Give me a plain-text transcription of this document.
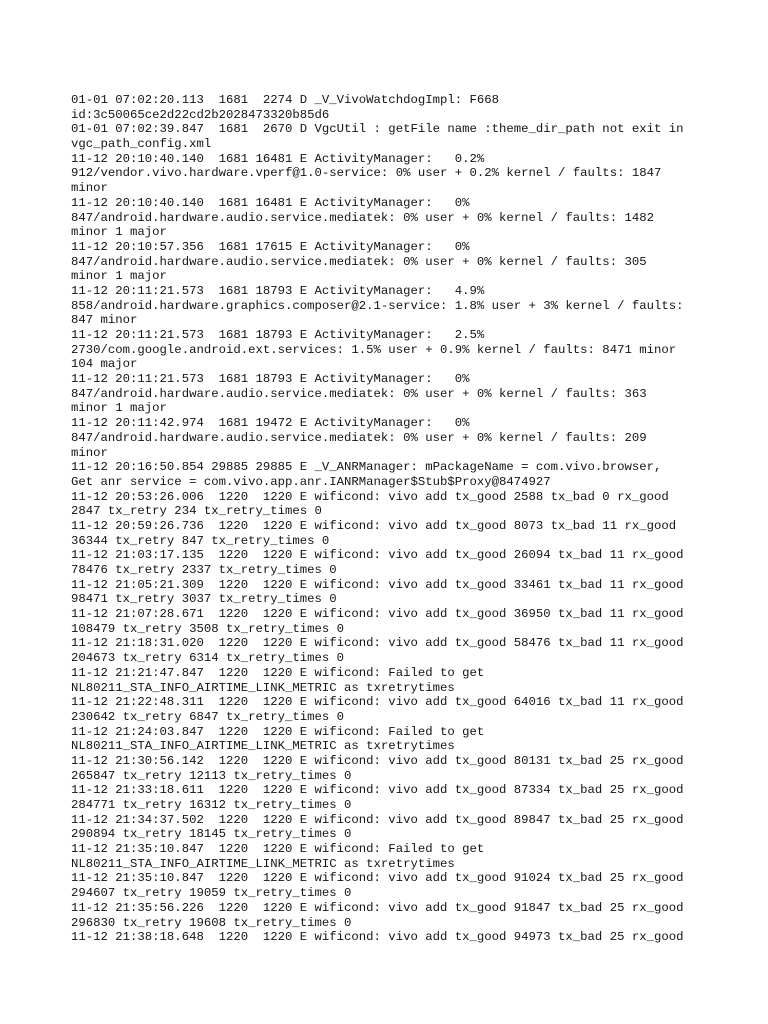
01-01 07:02:20.113  1681  2274 D _V_VivoWatchdogImpl: F668
id:3c50065ce2d22cd2b2028473320b85d6
01-01 07:02:39.847  1681  2670 D VgcUtil : getFile name :theme_dir_path not exit in
vgc_path_config.xml
11-12 20:10:40.140  1681 16481 E ActivityManager:   0.2%
912/vendor.vivo.hardware.vperf@1.0-service: 0% user + 0.2% kernel / faults: 1847
minor
11-12 20:10:40.140  1681 16481 E ActivityManager:   0%
847/android.hardware.audio.service.mediatek: 0% user + 0% kernel / faults: 1482
minor 1 major
11-12 20:10:57.356  1681 17615 E ActivityManager:   0%
847/android.hardware.audio.service.mediatek: 0% user + 0% kernel / faults: 305
minor 1 major
11-12 20:11:21.573  1681 18793 E ActivityManager:   4.9%
858/android.hardware.graphics.composer@2.1-service: 1.8% user + 3% kernel / faults:
847 minor
11-12 20:11:21.573  1681 18793 E ActivityManager:   2.5%
2730/com.google.android.ext.services: 1.5% user + 0.9% kernel / faults: 8471 minor
104 major
11-12 20:11:21.573  1681 18793 E ActivityManager:   0%
847/android.hardware.audio.service.mediatek: 0% user + 0% kernel / faults: 363
minor 1 major
11-12 20:11:42.974  1681 19472 E ActivityManager:   0%
847/android.hardware.audio.service.mediatek: 0% user + 0% kernel / faults: 209
minor
11-12 20:16:50.854 29885 29885 E _V_ANRManager: mPackageName = com.vivo.browser,
Get anr service = com.vivo.app.anr.IANRManager$Stub$Proxy@8474927
11-12 20:53:26.006  1220  1220 E wificond: vivo add tx_good 2588 tx_bad 0 rx_good
2847 tx_retry 234 tx_retry_times 0
11-12 20:59:26.736  1220  1220 E wificond: vivo add tx_good 8073 tx_bad 11 rx_good
36344 tx_retry 847 tx_retry_times 0
11-12 21:03:17.135  1220  1220 E wificond: vivo add tx_good 26094 tx_bad 11 rx_good
78476 tx_retry 2337 tx_retry_times 0
11-12 21:05:21.309  1220  1220 E wificond: vivo add tx_good 33461 tx_bad 11 rx_good
98471 tx_retry 3037 tx_retry_times 0
11-12 21:07:28.671  1220  1220 E wificond: vivo add tx_good 36950 tx_bad 11 rx_good
108479 tx_retry 3508 tx_retry_times 0
11-12 21:18:31.020  1220  1220 E wificond: vivo add tx_good 58476 tx_bad 11 rx_good
204673 tx_retry 6314 tx_retry_times 0
11-12 21:21:47.847  1220  1220 E wificond: Failed to get
NL80211_STA_INFO_AIRTIME_LINK_METRIC as txretrytimes
11-12 21:22:48.311  1220  1220 E wificond: vivo add tx_good 64016 tx_bad 11 rx_good
230642 tx_retry 6847 tx_retry_times 0
11-12 21:24:03.847  1220  1220 E wificond: Failed to get
NL80211_STA_INFO_AIRTIME_LINK_METRIC as txretrytimes
11-12 21:30:56.142  1220  1220 E wificond: vivo add tx_good 80131 tx_bad 25 rx_good
265847 tx_retry 12113 tx_retry_times 0
11-12 21:33:18.611  1220  1220 E wificond: vivo add tx_good 87334 tx_bad 25 rx_good
284771 tx_retry 16312 tx_retry_times 0
11-12 21:34:37.502  1220  1220 E wificond: vivo add tx_good 89847 tx_bad 25 rx_good
290894 tx_retry 18145 tx_retry_times 0
11-12 21:35:10.847  1220  1220 E wificond: Failed to get
NL80211_STA_INFO_AIRTIME_LINK_METRIC as txretrytimes
11-12 21:35:10.847  1220  1220 E wificond: vivo add tx_good 91024 tx_bad 25 rx_good
294607 tx_retry 19059 tx_retry_times 0
11-12 21:35:56.226  1220  1220 E wificond: vivo add tx_good 91847 tx_bad 25 rx_good
296830 tx_retry 19608 tx_retry_times 0
11-12 21:38:18.648  1220  1220 E wificond: vivo add tx_good 94973 tx_bad 25 rx_good
